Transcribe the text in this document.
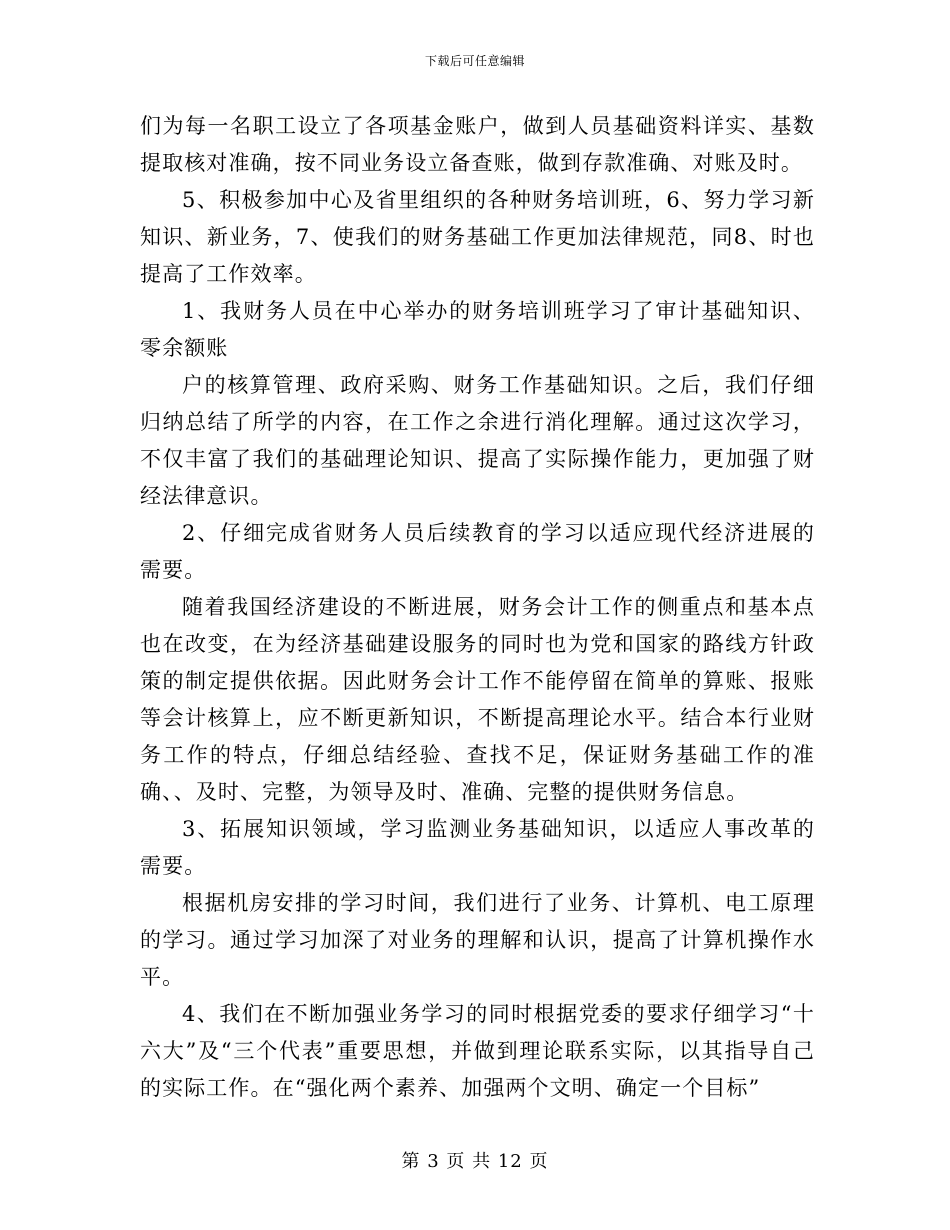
下载后可任意编辑

们为每一名职工设立了各项基金账户，做到人员基础资料详实、基数提取核对准确，按不同业务设立备查账，做到存款准确、对账及时。

5、积极参加中心及省里组织的各种财务培训班，6、努力学习新知识、新业务，7、使我们的财务基础工作更加法律规范，同8、时也提高了工作效率。

1、我财务人员在中心举办的财务培训班学习了审计基础知识、零余额账

户的核算管理、政府采购、财务工作基础知识。之后，我们仔细归纳总结了所学的内容，在工作之余进行消化理解。通过这次学习，不仅丰富了我们的基础理论知识、提高了实际操作能力，更加强了财经法律意识。

2、仔细完成省财务人员后续教育的学习以适应现代经济进展的需要。

随着我国经济建设的不断进展，财务会计工作的侧重点和基本点也在改变，在为经济基础建设服务的同时也为党和国家的路线方针政策的制定提供依据。因此财务会计工作不能停留在简单的算账、报账等会计核算上，应不断更新知识，不断提高理论水平。结合本行业财务工作的特点，仔细总结经验、查找不足，保证财务基础工作的准确、、及时、完整，为领导及时、准确、完整的提供财务信息。

3、拓展知识领域，学习监测业务基础知识，以适应人事改革的需要。

根据机房安排的学习时间，我们进行了业务、计算机、电工原理的学习。通过学习加深了对业务的理解和认识，提高了计算机操作水平。

4、我们在不断加强业务学习的同时根据党委的要求仔细学习“十六大”及“三个代表”重要思想，并做到理论联系实际，以其指导自己的实际工作。在“强化两个素养、加强两个文明、确定一个目标”

第 3 页 共 12 页
